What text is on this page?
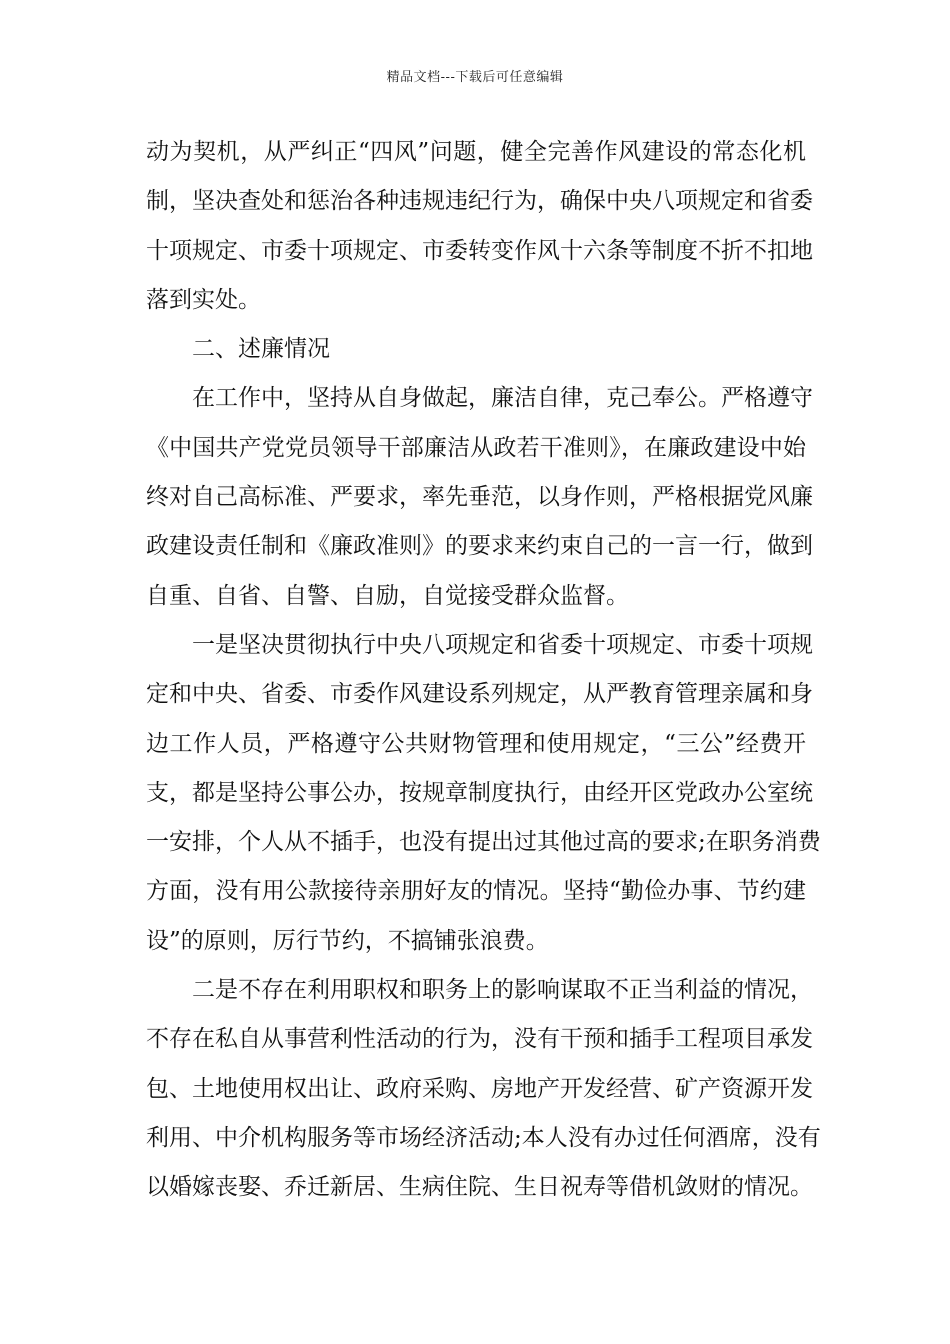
精品文档---下载后可任意编辑
动为契机，从严纠正“四风”问题，健全完善作风建设的常态化机
制，坚决查处和惩治各种违规违纪行为，确保中央八项规定和省委
十项规定、市委十项规定、市委转变作风十六条等制度不折不扣地
落到实处。
二、述廉情况
在工作中，坚持从自身做起，廉洁自律，克己奉公。严格遵守
《中国共产党党员领导干部廉洁从政若干准则》，在廉政建设中始
终对自己高标准、严要求，率先垂范，以身作则，严格根据党风廉
政建设责任制和《廉政准则》的要求来约束自己的一言一行，做到
自重、自省、自警、自励，自觉接受群众监督。
一是坚决贯彻执行中央八项规定和省委十项规定、市委十项规
定和中央、省委、市委作风建设系列规定，从严教育管理亲属和身
边工作人员，严格遵守公共财物管理和使用规定，“三公”经费开
支，都是坚持公事公办，按规章制度执行，由经开区党政办公室统
一安排，个人从不插手，也没有提出过其他过高的要求;在职务消费
方面，没有用公款接待亲朋好友的情况。坚持“勤俭办事、节约建
设”的原则，厉行节约，不搞铺张浪费。
二是不存在利用职权和职务上的影响谋取不正当利益的情况，
不存在私自从事营利性活动的行为，没有干预和插手工程项目承发
包、土地使用权出让、政府采购、房地产开发经营、矿产资源开发
利用、中介机构服务等市场经济活动;本人没有办过任何酒席，没有
以婚嫁丧娶、乔迁新居、生病住院、生日祝寿等借机敛财的情况。
